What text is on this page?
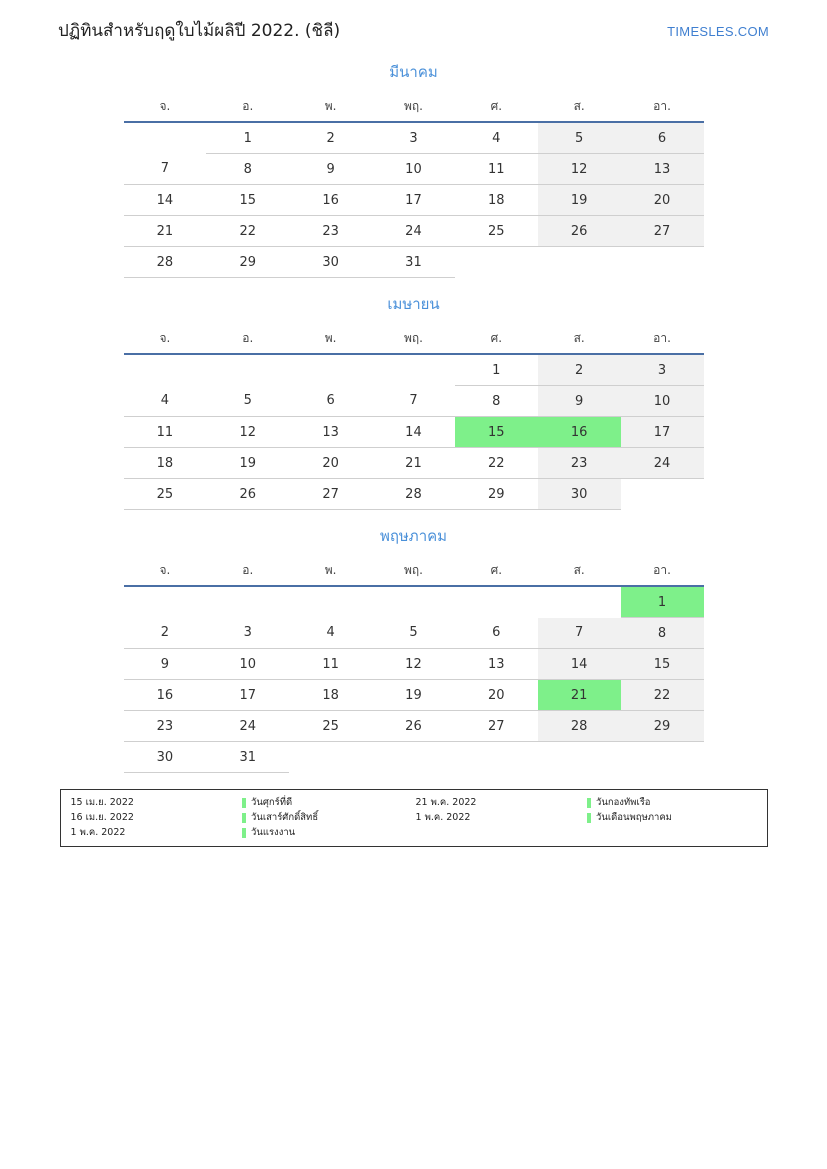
ปฏิทินสำหรับฤดูใบไม้ผลิปี 2022. (ชิลี)	TIMESLES.COM
มีนาคม
จ.	อ.	พ.	พฤ.	ศ.	ส.	อา.
	1	2	3	4	5	6
7	8	9	10	11	12	13
14	15	16	17	18	19	20
21	22	23	24	25	26	27
28	29	30	31			
เมษายน
จ.	อ.	พ.	พฤ.	ศ.	ส.	อา.
				1	2	3
4	5	6	7	8	9	10
11	12	13	14	15	16	17
18	19	20	21	22	23	24
25	26	27	28	29	30	
พฤษภาคม
จ.	อ.	พ.	พฤ.	ศ.	ส.	อา.
						1
2	3	4	5	6	7	8
9	10	11	12	13	14	15
16	17	18	19	20	21	22
23	24	25	26	27	28	29
30	31					
15 เม.ย. 2022	วันศุกร์ที่ดี	21 พ.ค. 2022	วันกองทัพเรือ
16 เม.ย. 2022	วันเสาร์ศักดิ์สิทธิ์	1 พ.ค. 2022	วันเดือนพฤษภาคม
1 พ.ค. 2022	วันแรงงาน
